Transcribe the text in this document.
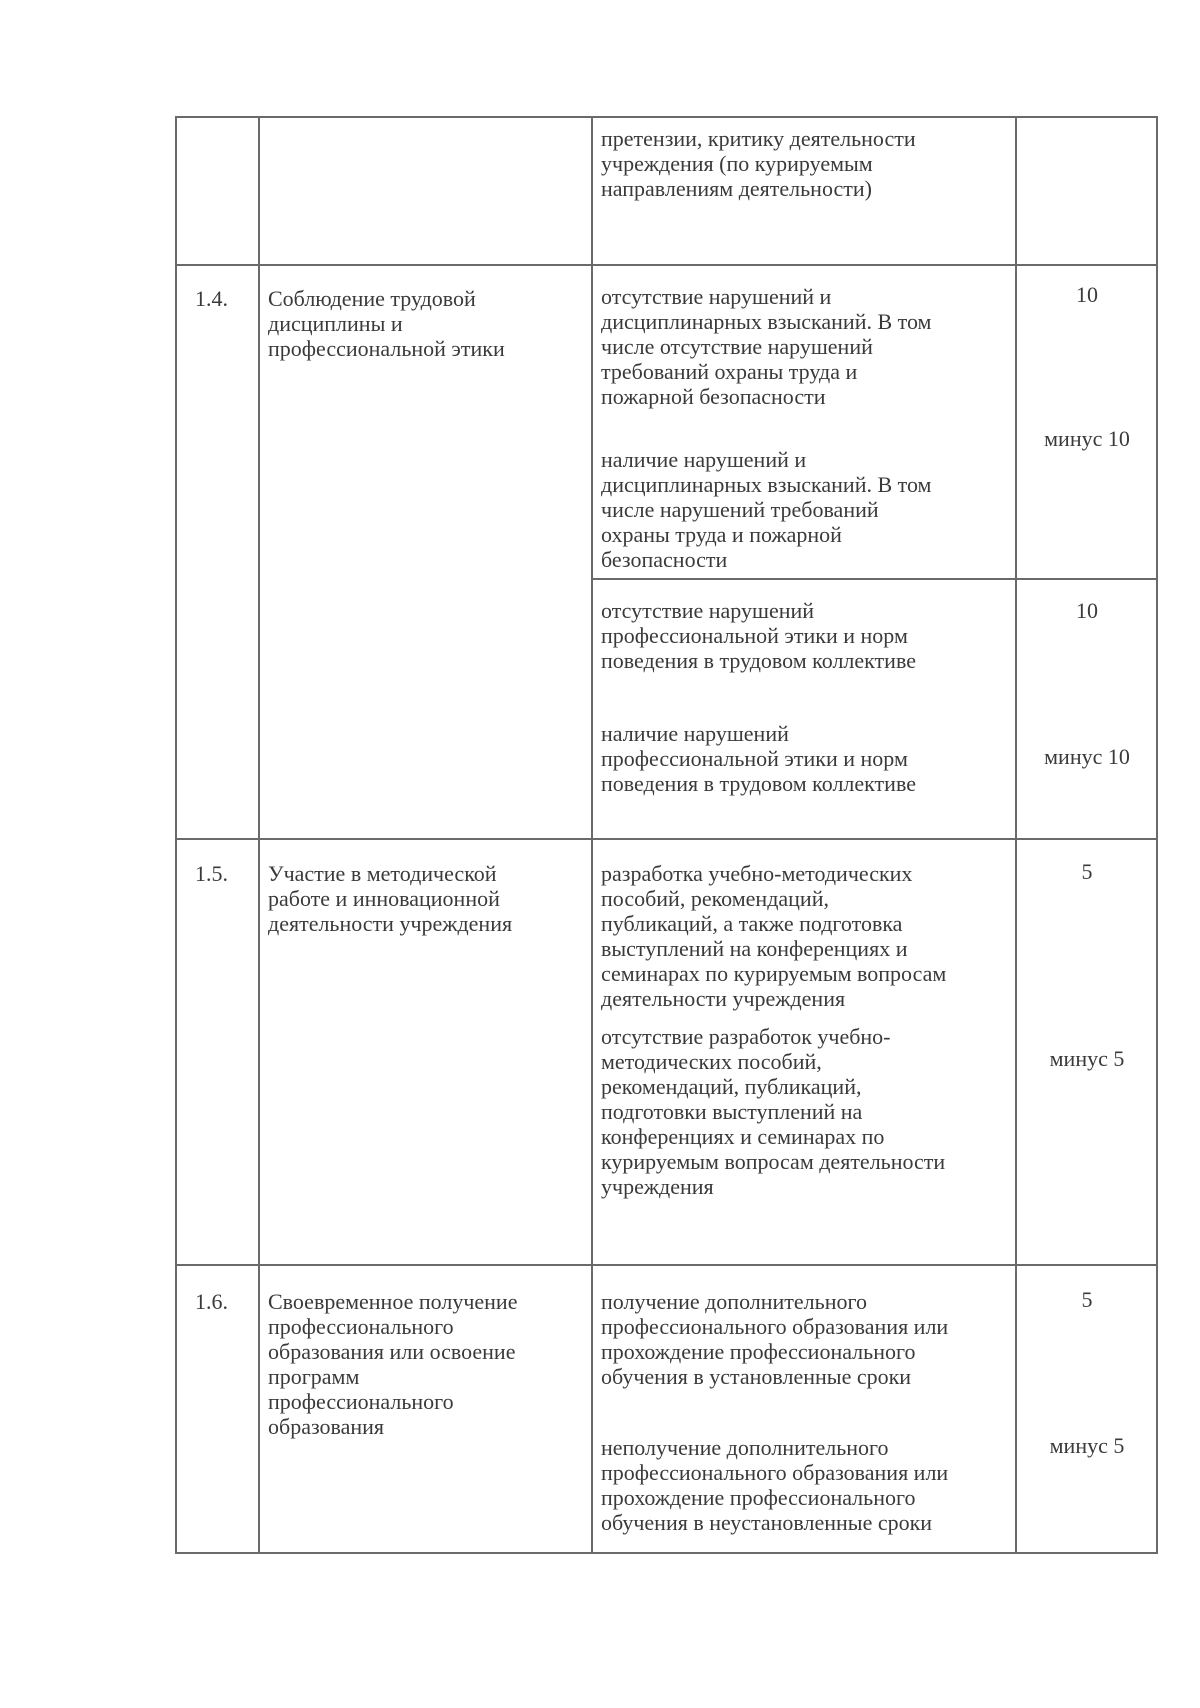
претензии, критику деятельности
учреждения (по курируемым
направлениям деятельности)
1.4. Соблюдение трудовой
дисциплины и
профессиональной этики
отсутствие нарушений и
дисциплинарных взысканий. В том
числе отсутствие нарушений
требований охраны труда и
пожарной безопасности
10
наличие нарушений и
дисциплинарных взысканий. В том
числе нарушений требований
охраны труда и пожарной
безопасности
минус 10
отсутствие нарушений
профессиональной этики и норм
поведения в трудовом коллективе
10
наличие нарушений
профессиональной этики и норм
поведения в трудовом коллективе
минус 10
1.5. Участие в методической
работе и инновационной
деятельности учреждения
разработка учебно-методических
пособий, рекомендаций,
публикаций, а также подготовка
выступлений на конференциях и
семинарах по курируемым вопросам
деятельности учреждения
5
отсутствие разработок учебно-
методических пособий,
рекомендаций, публикаций,
подготовки выступлений на
конференциях и семинарах по
курируемым вопросам деятельности
учреждения
минус 5
1.6. Своевременное получение
профессионального
образования или освоение
программ
профессионального
образования
получение дополнительного
профессионального образования или
прохождение профессионального
обучения в установленные сроки
5
неполучение дополнительного
профессионального образования или
прохождение профессионального
обучения в неустановленные сроки
минус 5
